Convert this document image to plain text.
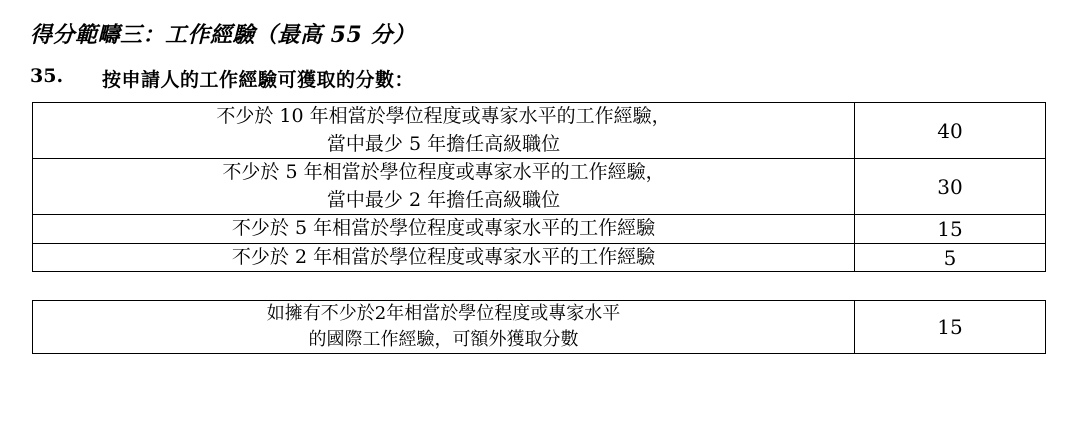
得分範疇三：工作經驗（最高 55 分）
35.	按申請人的工作經驗可獲取的分數：
不少於 10 年相當於學位程度或專家水平的工作經驗，
當中最少 5 年擔任高級職位	40

不少於 5 年相當於學位程度或專家水平的工作經驗，
當中最少 2 年擔任高級職位	30

不少於 5 年相當於學位程度或專家水平的工作經驗	15

不少於 2 年相當於學位程度或專家水平的工作經驗	5
如擁有不少於2年相當於學位程度或專家水平
的國際工作經驗，可額外獲取分數
	15
